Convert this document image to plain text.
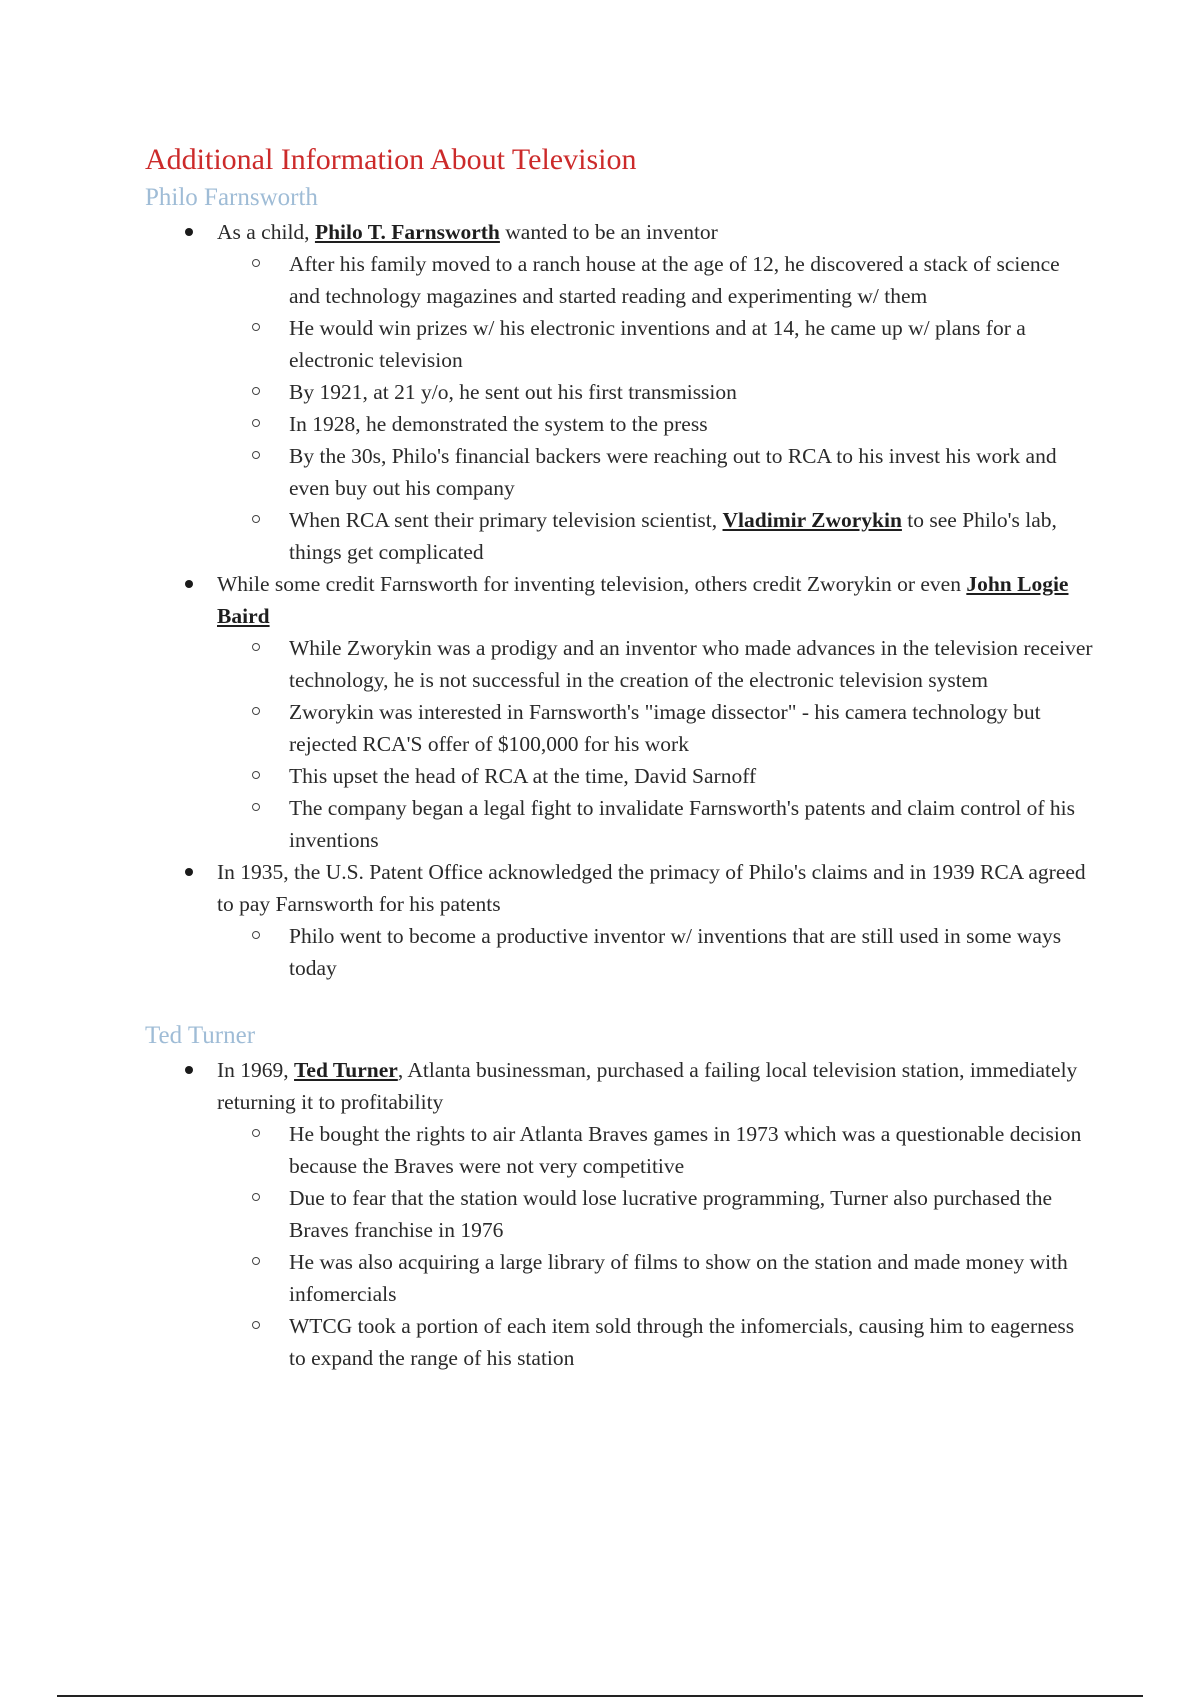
Additional Information About Television
Philo Farnsworth
As a child, Philo T. Farnsworth wanted to be an inventor
After his family moved to a ranch house at the age of 12, he discovered a stack of science and technology magazines and started reading and experimenting w/ them
He would win prizes w/ his electronic inventions and at 14, he came up w/ plans for a electronic television
By 1921, at 21 y/o, he sent out his first transmission
In 1928, he demonstrated the system to the press
By the 30s, Philo's financial backers were reaching out to RCA to his invest his work and even buy out his company
When RCA sent their primary television scientist, Vladimir Zworykin to see Philo's lab, things get complicated
While some credit Farnsworth for inventing television, others credit Zworykin or even John Logie Baird
While Zworykin was a prodigy and an inventor who made advances in the television receiver technology, he is not successful in the creation of the electronic television system
Zworykin was interested in Farnsworth's "image dissector" - his camera technology but rejected RCA'S offer of $100,000 for his work
This upset the head of RCA at the time, David Sarnoff
The company began a legal fight to invalidate Farnsworth's patents and claim control of his inventions
In 1935, the U.S. Patent Office acknowledged the primacy of Philo's claims and in 1939 RCA agreed to pay Farnsworth for his patents
Philo went to become a productive inventor w/ inventions that are still used in some ways today
Ted Turner
In 1969, Ted Turner, Atlanta businessman, purchased a failing local television station, immediately returning it to profitability
He bought the rights to air Atlanta Braves games in 1973 which was a questionable decision because the Braves were not very competitive
Due to fear that the station would lose lucrative programming, Turner also purchased the Braves franchise in 1976
He was also acquiring a large library of films to show on the station and made money with infomercials
WTCG took a portion of each item sold through the infomercials, causing him to eagerness to expand the range of his station
